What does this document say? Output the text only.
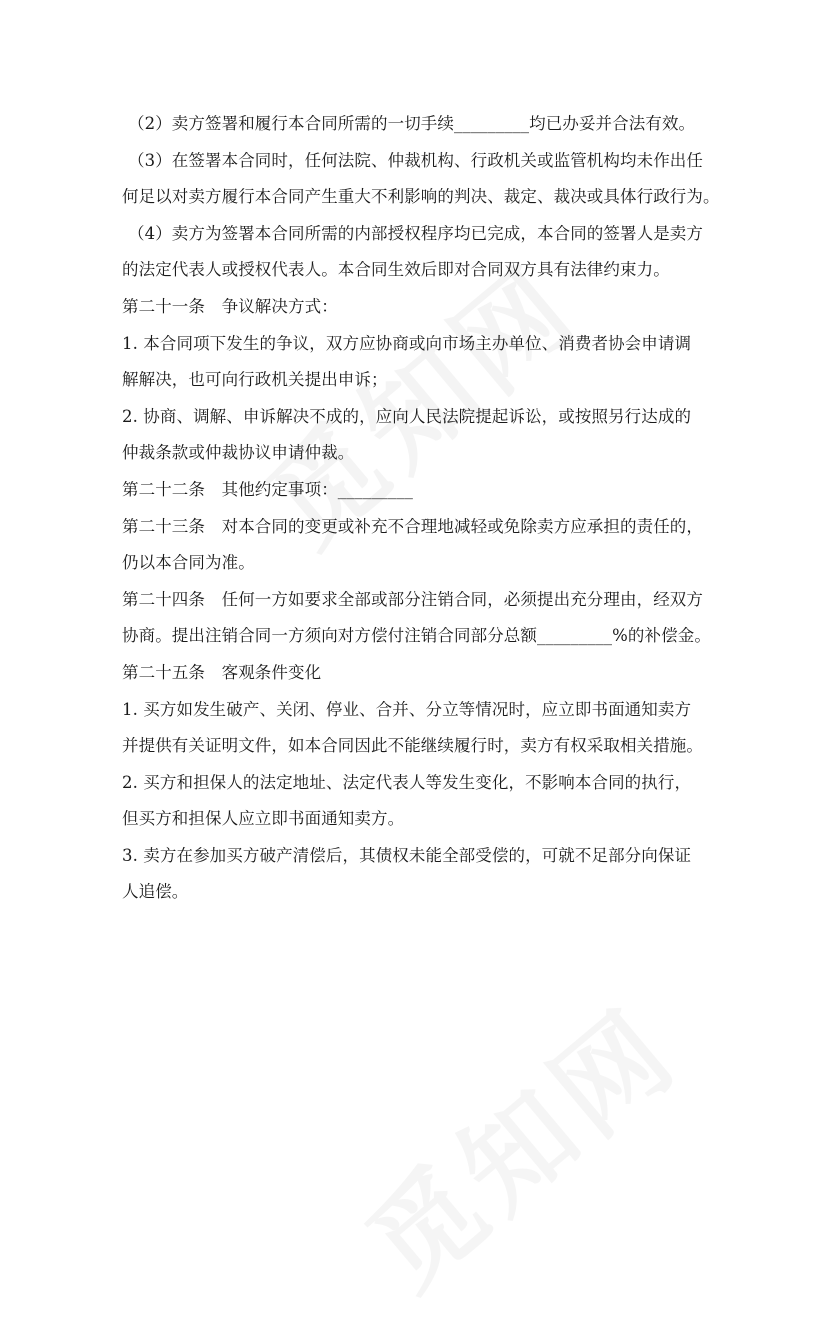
（2）卖方签署和履行本合同所需的一切手续_________均已办妥并合法有效。
（3）在签署本合同时，任何法院、仲裁机构、行政机关或监管机构均未作出任
何足以对卖方履行本合同产生重大不利影响的判决、裁定、裁决或具体行政行为。
（4）卖方为签署本合同所需的内部授权程序均已完成，本合同的签署人是卖方
的法定代表人或授权代表人。本合同生效后即对合同双方具有法律约束力。
第二十一条　争议解决方式：
1. 本合同项下发生的争议，双方应协商或向市场主办单位、消费者协会申请调
解解决，也可向行政机关提出申诉；
2. 协商、调解、申诉解决不成的，应向人民法院提起诉讼，或按照另行达成的
仲裁条款或仲裁协议申请仲裁。
第二十二条　其他约定事项：_________
第二十三条　对本合同的变更或补充不合理地减轻或免除卖方应承担的责任的，
仍以本合同为准。
第二十四条　任何一方如要求全部或部分注销合同，必须提出充分理由，经双方
协商。提出注销合同一方须向对方偿付注销合同部分总额_________%的补偿金。
第二十五条　客观条件变化
1. 买方如发生破产、关闭、停业、合并、分立等情况时，应立即书面通知卖方
并提供有关证明文件，如本合同因此不能继续履行时，卖方有权采取相关措施。
2. 买方和担保人的法定地址、法定代表人等发生变化，不影响本合同的执行，
但买方和担保人应立即书面通知卖方。
3. 卖方在参加买方破产清偿后，其债权未能全部受偿的，可就不足部分向保证
人追偿。
